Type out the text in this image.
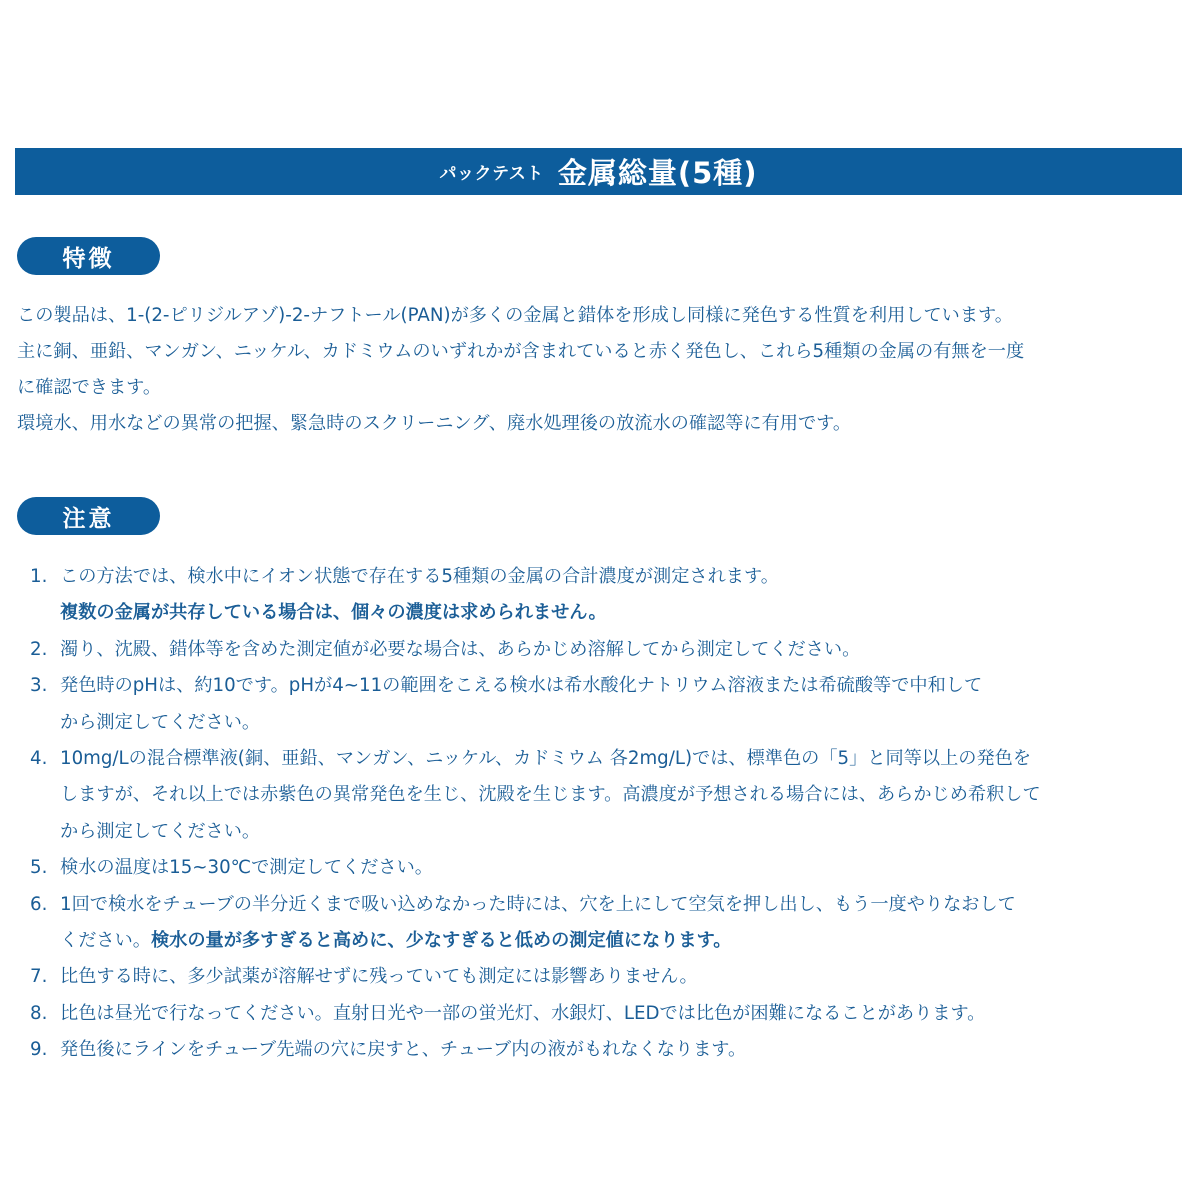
パックテスト 金属総量(5種)
特徴

この製品は、1-(2-ピリジルアゾ)-2-ナフトール(PAN)が多くの金属と錯体を形成し同様に発色する性質を利用しています。

主に銅、亜鉛、マンガン、ニッケル、カドミウムのいずれかが含まれていると赤く発色し、これら5種類の金属の有無を一度

に確認できます。

環境水、用水などの異常の把握、緊急時のスクリーニング、廃水処理後の放流水の確認等に有用です。

注意
1. この方法では、検水中にイオン状態で存在する5種類の金属の合計濃度が測定されます。
複数の金属が共存している場合は、個々の濃度は求められません。
2. 濁り、沈殿、錯体等を含めた測定値が必要な場合は、あらかじめ溶解してから測定してください。
3. 発色時のpHは、約10です。pHが4~11の範囲をこえる検水は希水酸化ナトリウム溶液または希硫酸等で中和して
から測定してください。
4. 10mg/Lの混合標準液(銅、亜鉛、マンガン、ニッケル、カドミウム 各2mg/L)では、標準色の「5」と同等以上の発色を
しますが、それ以上では赤紫色の異常発色を生じ、沈殿を生じます。高濃度が予想される場合には、あらかじめ希釈して
から測定してください。
5. 検水の温度は15~30℃で測定してください。
6. 1回で検水をチューブの半分近くまで吸い込めなかった時には、穴を上にして空気を押し出し、もう一度やりなおして
ください。検水の量が多すぎると高めに、少なすぎると低めの測定値になります。
7. 比色する時に、多少試薬が溶解せずに残っていても測定には影響ありません。
8. 比色は昼光で行なってください。直射日光や一部の蛍光灯、水銀灯、LEDでは比色が困難になることがあります。
9. 発色後にラインをチューブ先端の穴に戻すと、チューブ内の液がもれなくなります。
